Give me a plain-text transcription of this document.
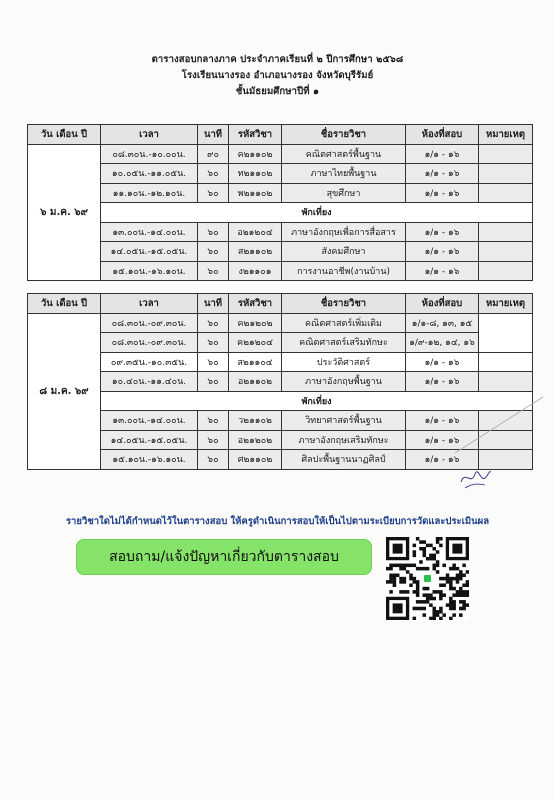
ตารางสอบกลางภาค ประจำภาคเรียนที่ ๒ ปีการศึกษา ๒๕๖๘
โรงเรียนนางรอง อำเภอนางรอง จังหวัดบุรีรัมย์
ชั้นมัธยมศึกษาปีที่ ๑
วัน เดือน ปี	เวลา	นาที	รหัสวิชา	ชื่อรายวิชา	ห้องที่สอบ	หมายเหตุ
๖ ม.ค. ๖๙	๐๘.๓๐น.-๑๐.๐๐น.	๙๐	ค๒๑๑๐๒	คณิตศาสตร์พื้นฐาน	๑/๑ - ๑๖	
	๑๐.๐๕น.-๑๑.๐๕น.	๖๐	ท๒๑๑๐๒	ภาษาไทยพื้นฐาน	๑/๑ - ๑๖	
	๑๑.๑๐น.-๑๒.๑๐น.	๖๐	พ๒๑๑๐๒	สุขศึกษา	๑/๑ - ๑๖	
	พักเที่ยง					
	๑๓.๐๐น.-๑๔.๐๐น.	๖๐	อ๒๑๒๐๔	ภาษาอังกฤษเพื่อการสื่อสาร	๑/๑ - ๑๖	
	๑๔.๐๕น.-๑๕.๐๕น.	๖๐	ส๒๑๑๐๒	สังคมศึกษา	๑/๑ - ๑๖	
	๑๕.๑๐น.-๑๖.๑๐น.	๖๐	ง๒๑๑๐๑	การงานอาชีพ(งานบ้าน)	๑/๑ - ๑๖	
วัน เดือน ปี	เวลา	นาที	รหัสวิชา	ชื่อรายวิชา	ห้องที่สอบ	หมายเหตุ
๘ ม.ค. ๖๙	๐๘.๓๐น.-๐๙.๓๐น.	๖๐	ค๒๑๒๐๒	คณิตศาสตร์เพิ่มเติม	๑/๑-๘, ๑๓, ๑๕	
	๐๘.๓๐น.-๐๙.๓๐น.	๖๐	ค๒๑๒๐๔	คณิตศาสตร์เสริมทักษะ	๑/๙-๑๒, ๑๔, ๑๖	
	๐๙.๓๕น.-๑๐.๓๕น.	๖๐	ส๒๑๑๐๔	ประวัติศาสตร์	๑/๑ - ๑๖	
	๑๐.๔๐น.-๑๑.๔๐น.	๖๐	อ๒๑๑๐๒	ภาษาอังกฤษพื้นฐาน	๑/๑ - ๑๖	
	พักเที่ยง					
	๑๓.๐๐น.-๑๔.๐๐น.	๖๐	ว๒๑๑๐๒	วิทยาศาสตร์พื้นฐาน	๑/๑ - ๑๖	
	๑๔.๐๕น.-๑๕.๐๕น.	๖๐	อ๒๑๒๐๒	ภาษาอังกฤษเสริมทักษะ	๑/๑ - ๑๖	
	๑๕.๑๐น.-๑๖.๑๐น.	๖๐	ศ๒๑๑๐๒	ศิลปะพื้นฐานนาฏศิลป์	๑/๑ - ๑๖	
รายวิชาใดไม่ได้กำหนดไว้ในตารางสอบ ให้ครูดำเนินการสอบให้เป็นไปตามระเบียบการวัดและประเมินผล
สอบถาม/แจ้งปัญหาเกี่ยวกับตารางสอบ
